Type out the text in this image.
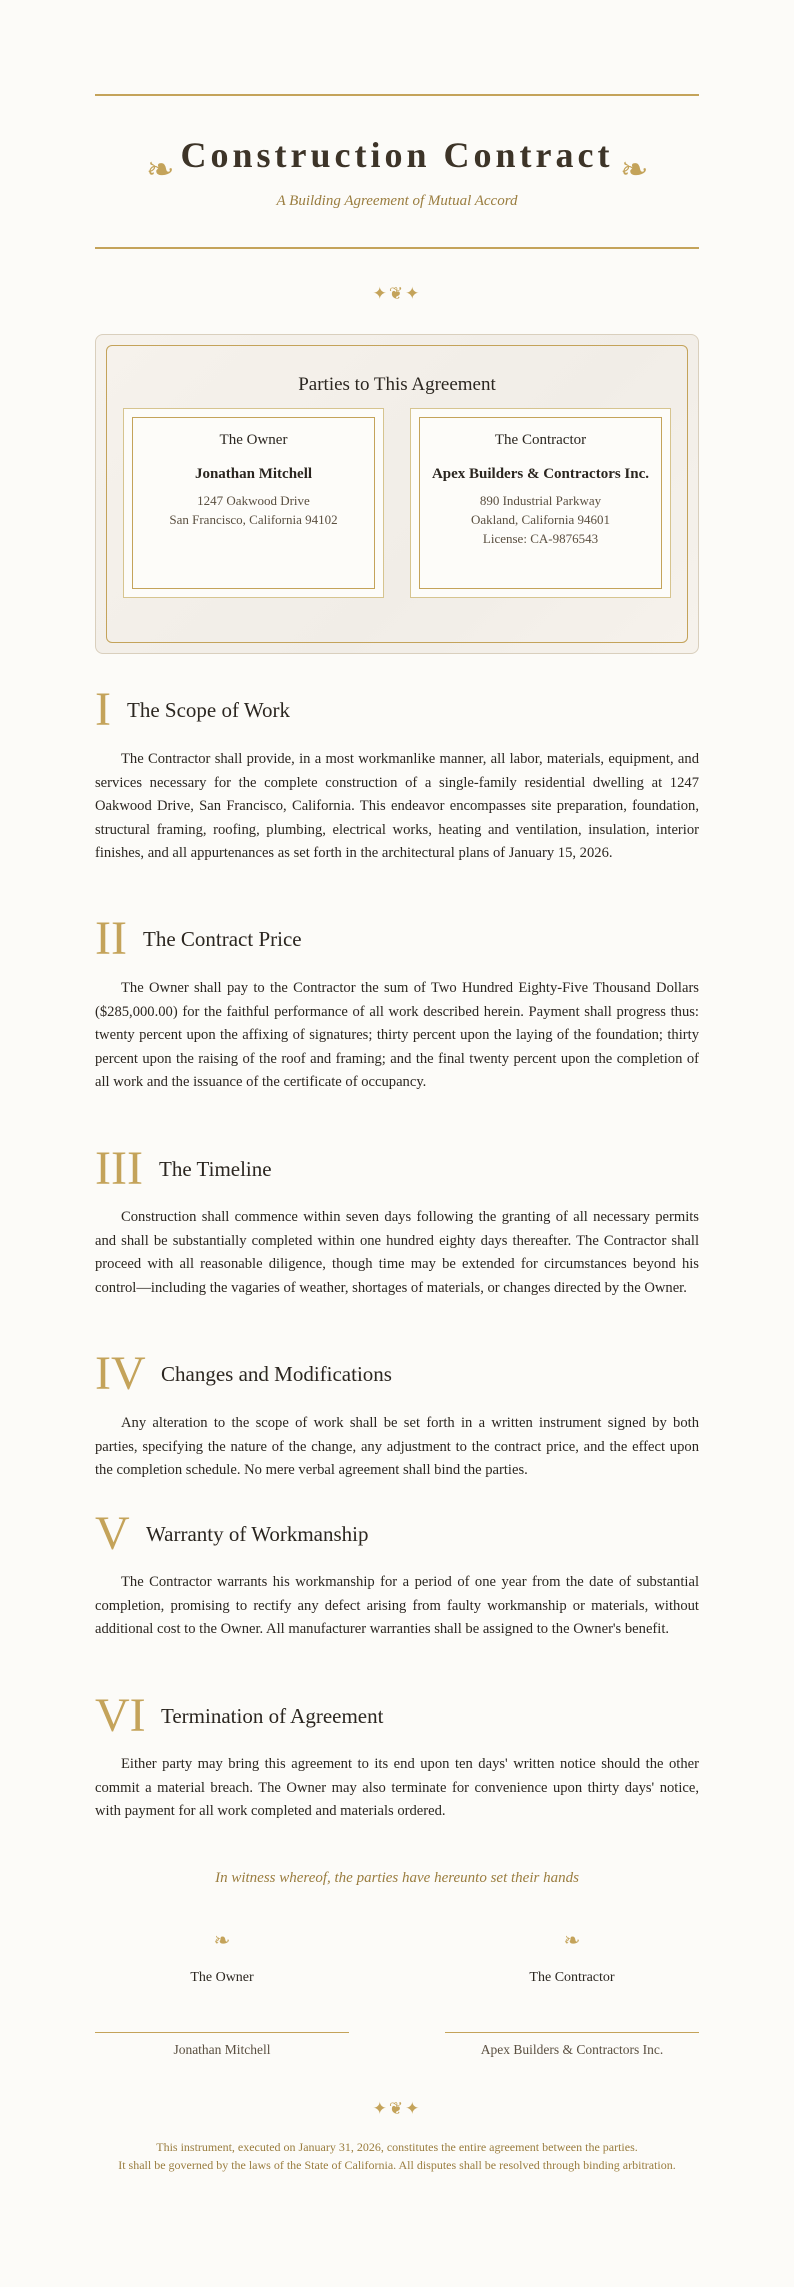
❧ Construction Contract ❧
A Building Agreement of Mutual Accord
✦❦✦
Parties to This Agreement
The Owner
Jonathan Mitchell
1247 Oakwood Drive
San Francisco, California 94102
The Contractor
Apex Builders & Contractors Inc.
890 Industrial Parkway
Oakland, California 94601
License: CA-9876543
I The Scope of Work

The Contractor shall provide, in a most workmanlike manner, all labor, materials, equipment, and services necessary for the complete construction of a single-family residential dwelling at 1247 Oakwood Drive, San Francisco, California. This endeavor encompasses site preparation, foundation, structural framing, roofing, plumbing, electrical works, heating and ventilation, insulation, interior finishes, and all appurtenances as set forth in the architectural plans of January 15, 2026.

II The Contract Price

The Owner shall pay to the Contractor the sum of Two Hundred Eighty-Five Thousand Dollars ($285,000.00) for the faithful performance of all work described herein. Payment shall progress thus: twenty percent upon the affixing of signatures; thirty percent upon the laying of the foundation; thirty percent upon the raising of the roof and framing; and the final twenty percent upon the completion of all work and the issuance of the certificate of occupancy.

III The Timeline

Construction shall commence within seven days following the granting of all necessary permits and shall be substantially completed within one hundred eighty days thereafter. The Contractor shall proceed with all reasonable diligence, though time may be extended for circumstances beyond his control—including the vagaries of weather, shortages of materials, or changes directed by the Owner.

IV Changes and Modifications

Any alteration to the scope of work shall be set forth in a written instrument signed by both parties, specifying the nature of the change, any adjustment to the contract price, and the effect upon the completion schedule. No mere verbal agreement shall bind the parties.

V Warranty of Workmanship

The Contractor warrants his workmanship for a period of one year from the date of substantial completion, promising to rectify any defect arising from faulty workmanship or materials, without additional cost to the Owner. All manufacturer warranties shall be assigned to the Owner's benefit.

VI Termination of Agreement

Either party may bring this agreement to its end upon ten days' written notice should the other commit a material breach. The Owner may also terminate for convenience upon thirty days' notice, with payment for all work completed and materials ordered.

In witness whereof, the parties have hereunto set their hands
❧
The Owner
Jonathan Mitchell
❧
The Contractor
Apex Builders & Contractors Inc.
✦❦✦
This instrument, executed on January 31, 2026, constitutes the entire agreement between the parties.
It shall be governed by the laws of the State of California. All disputes shall be resolved through binding arbitration.
